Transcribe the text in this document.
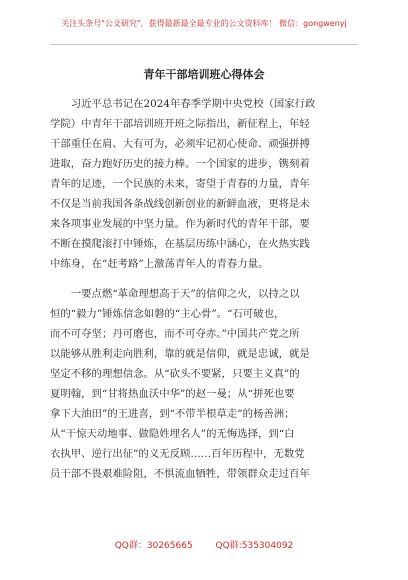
关注头条号"公文研究"，获得最新最全最专业的公文资料库！ 微信：gongwenyj
青年干部培训班心得体会
　　习近平总书记在2024年春季学期中央党校（国家行政
学院）中青年干部培训班开班之际指出，新征程上，年轻
干部重任在肩、大有可为，必须牢记初心使命、顽强拼搏
进取，奋力跑好历史的接力棒。一个国家的进步，镌刻着
青年的足迹，一个民族的未来，寄望于青春的力量，青年
不仅是当前我国各条战线创新创业的新鲜血液，更将是未
来各项事业发展的中坚力量。作为新时代的青年干部，要
不断在摸爬滚打中锤炼，在基层历练中涵心，在火热实践
中练身，在“赶考路”上激荡青年人的青春力量。
　　一要点燃“革命理想高于天”的信仰之火，以持之以
恒的“毅力”锤炼信念如磐的“主心骨”。“石可破也，
而不可夺坚；丹可磨也，而不可夺赤。”中国共产党之所
以能够从胜利走向胜利，靠的就是信仰，就是忠诚，就是
坚定不移的理想信念。从“砍头不要紧，只要主义真”的
夏明翰，到“甘将热血沃中华”的赵一曼；从“拼死也要
拿下大油田”的王进喜，到“不带半根草走”的杨善洲；
从“干惊天动地事、做隐姓埋名人”的无悔选择，到“白
衣执甲、逆行出征”的义无反顾……百年历程中，无数党
员干部不畏艰难险阻，不惧流血牺牲，带领群众走过百年
QQ群：30265665	QQ群:535304092
